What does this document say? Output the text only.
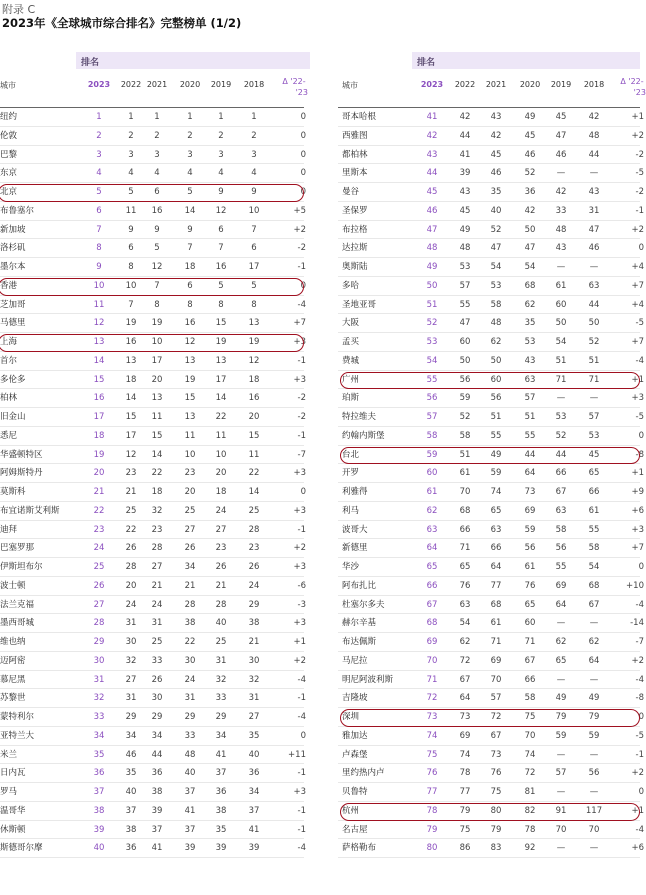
附录 C
2023年《全球城市综合排名》完整榜单 (1/2)
排名
城市	2023	2022 2021	2020	2019	2018	Δ '22-
'23
纽约	1	1	1	1	1	1	0
伦敦	2	2	2	2	2	2	0
巴黎	3	3	3	3	3	3	0
东京	4	4	4	4	4	4	0
北京	5	5	6	5	9	9	0
布鲁塞尔	6	11	16	14	12	10	+5
新加坡	7	9	9	9	6	7	+2
洛杉矶	8	6	5	7	7	6	-2
墨尔本	9	8	12	18	16	17	-1
香港	10	10	7	6	5	5	0
芝加哥	11	7	8	8	8	8	-4
马德里	12	19	19	16	15	13	+7
上海	13	16	10	12	19	19	+3
首尔	14	13	17	13	13	12	-1
多伦多	15	18	20	19	17	18	+3
柏林	16	14	13	15	14	16	-2
旧金山	17	15	11	13	22	20	-2
悉尼	18	17	15	11	11	15	-1
华盛顿特区	19	12	14	10	10	11	-7
阿姆斯特丹	20	23	22	23	20	22	+3
莫斯科	21	21	18	20	18	14	0
布宜诺斯艾利斯	22	25	32	25	24	25	+3
迪拜	23	22	23	27	27	28	-1
巴塞罗那	24	26	28	26	23	23	+2
伊斯坦布尔	25	28	27	34	26	26	+3
波士顿	26	20	21	21	21	24	-6
法兰克福	27	24	24	28	28	29	-3
墨西哥城	28	31	31	38	40	38	+3
维也纳	29	30	25	22	25	21	+1
迈阿密	30	32	33	30	31	30	+2
慕尼黑	31	27	26	24	32	32	-4
苏黎世	32	31	30	31	33	31	-1
蒙特利尔	33	29	29	29	29	27	-4
亚特兰大	34	34	34	33	34	35	0
米兰	35	46	44	48	41	40	+11
日内瓦	36	35	36	40	37	36	-1
罗马	37	40	38	37	36	34	+3
温哥华	38	37	39	41	38	37	-1
休斯顿	39	38	37	37	35	41	-1
斯德哥尔摩	40	36	41	39	39	39	-4
排名
城市	2023	2022	2021	2020	2019	2018	Δ '22-
'23
哥本哈根	41	42	43	49	45	42	+1
西雅图	42	44	42	45	47	48	+2
都柏林	43	41	45	46	46	44	-2
里斯本	44	39	46	52	—	—	-5
曼谷	45	43	35	36	42	43	-2
圣保罗	46	45	40	42	33	31	-1
布拉格	47	49	52	50	48	47	+2
达拉斯	48	48	47	47	43	46	0
奥斯陆	49	53	54	54	—	—	+4
多哈	50	57	53	68	61	63	+7
圣地亚哥	51	55	58	62	60	44	+4
大阪	52	47	48	35	50	50	-5
孟买	53	60	62	53	54	52	+7
费城	54	50	50	43	51	51	-4
广州	55	56	60	63	71	71	+1
珀斯	56	59	56	57	—	—	+3
特拉维夫	57	52	51	51	53	57	-5
约翰内斯堡	58	58	55	55	52	53	0
台北	59	51	49	44	44	45	-8
开罗	60	61	59	64	66	65	+1
利雅得	61	70	74	73	67	66	+9
利马	62	68	65	69	63	61	+6
波哥大	63	66	63	59	58	55	+3
新德里	64	71	66	56	56	58	+7
华沙	65	65	64	61	55	54	0
阿布扎比	66	76	77	76	69	68	+10
杜塞尔多夫	67	63	68	65	64	67	-4
赫尔辛基	68	54	61	60	—	—	-14
布达佩斯	69	62	71	71	62	62	-7
马尼拉	70	72	69	67	65	64	+2
明尼阿波利斯	71	67	70	66	—	—	-4
吉隆坡	72	64	57	58	49	49	-8
深圳	73	73	72	75	79	79	0
雅加达	74	69	67	70	59	59	-5
卢森堡	75	74	73	74	—	—	-1
里约热内卢	76	78	76	72	57	56	+2
贝鲁特	77	77	75	81	—	—	0
杭州	78	79	80	82	91	117	+1
名古屋	79	75	79	78	70	70	-4
萨格勒布	80	86	83	92	—	—	+6
